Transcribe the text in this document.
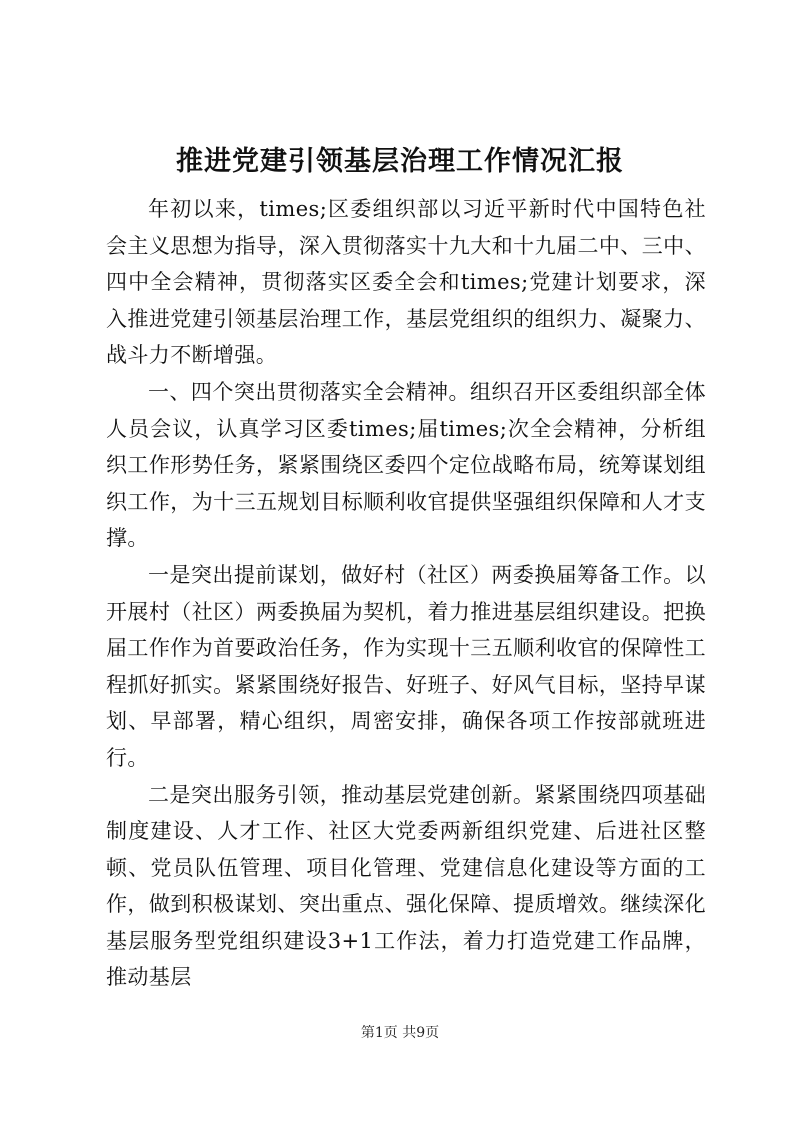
推进党建引领基层治理工作情况汇报

年初以来，times;区委组织部以习近平新时代中国特色社会主义思想为指导，深入贯彻落实十九大和十九届二中、三中、四中全会精神，贯彻落实区委全会和times;党建计划要求，深入推进党建引领基层治理工作，基层党组织的组织力、凝聚力、战斗力不断增强。

一、四个突出贯彻落实全会精神。组织召开区委组织部全体人员会议，认真学习区委times;届times;次全会精神，分析组织工作形势任务，紧紧围绕区委四个定位战略布局，统筹谋划组织工作，为十三五规划目标顺利收官提供坚强组织保障和人才支撑。

一是突出提前谋划，做好村（社区）两委换届筹备工作。以开展村（社区）两委换届为契机，着力推进基层组织建设。把换届工作作为首要政治任务，作为实现十三五顺利收官的保障性工程抓好抓实。紧紧围绕好报告、好班子、好风气目标，坚持早谋划、早部署，精心组织，周密安排，确保各项工作按部就班进行。

二是突出服务引领，推动基层党建创新。紧紧围绕四项基础制度建设、人才工作、社区大党委两新组织党建、后进社区整顿、党员队伍管理、项目化管理、党建信息化建设等方面的工作，做到积极谋划、突出重点、强化保障、提质增效。继续深化基层服务型党组织建设3+1工作法，着力打造党建工作品牌，推动基层

第1页 共9页
